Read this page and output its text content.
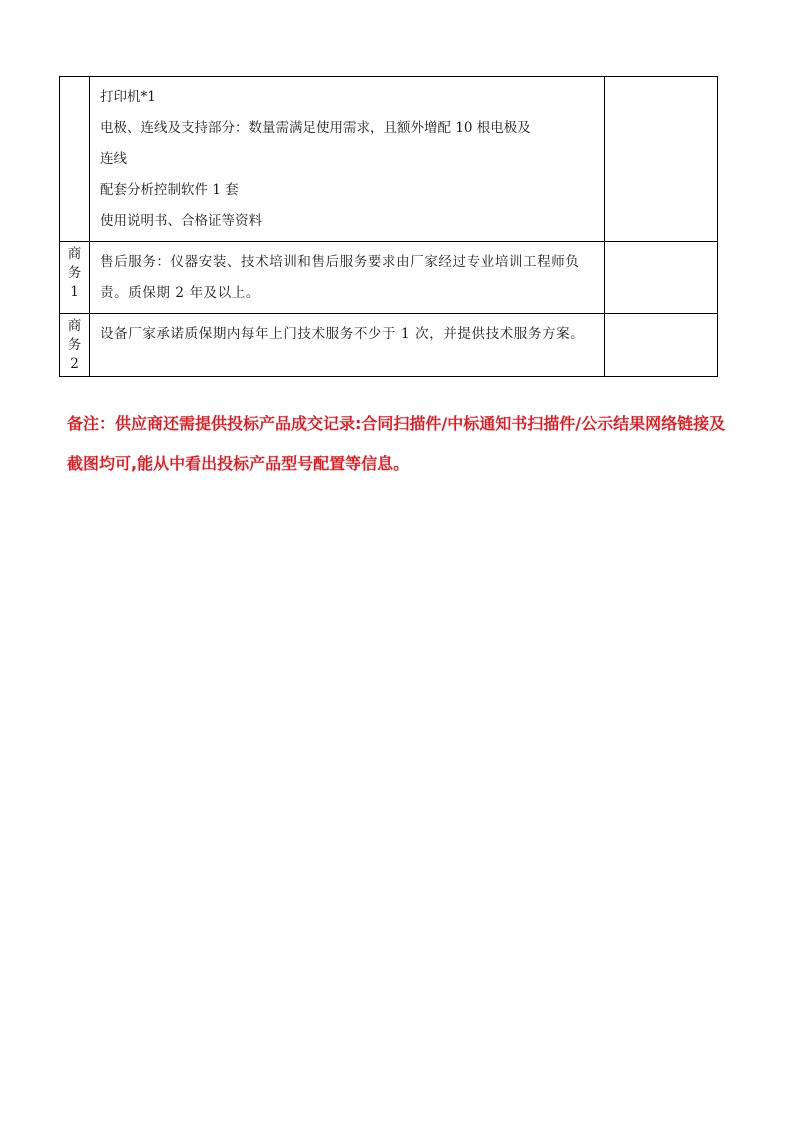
	打印机*1
电极、连线及支持部分：数量需满足使用需求，且额外增配 10 根电极及
连线
配套分析控制软件 1 套
使用说明书、合格证等资料	

商
务
1	售后服务：仪器安装、技术培训和售后服务要求由厂家经过专业培训工程师负责。质保期 2 年及以上。	

商
务
2	设备厂家承诺质保期内每年上门技术服务不少于 1 次，并提供技术服务方案。	

备注：供应商还需提供投标产品成交记录:合同扫描件/中标通知书扫描件/公示结果网络链接及截图均可,能从中看出投标产品型号配置等信息。
